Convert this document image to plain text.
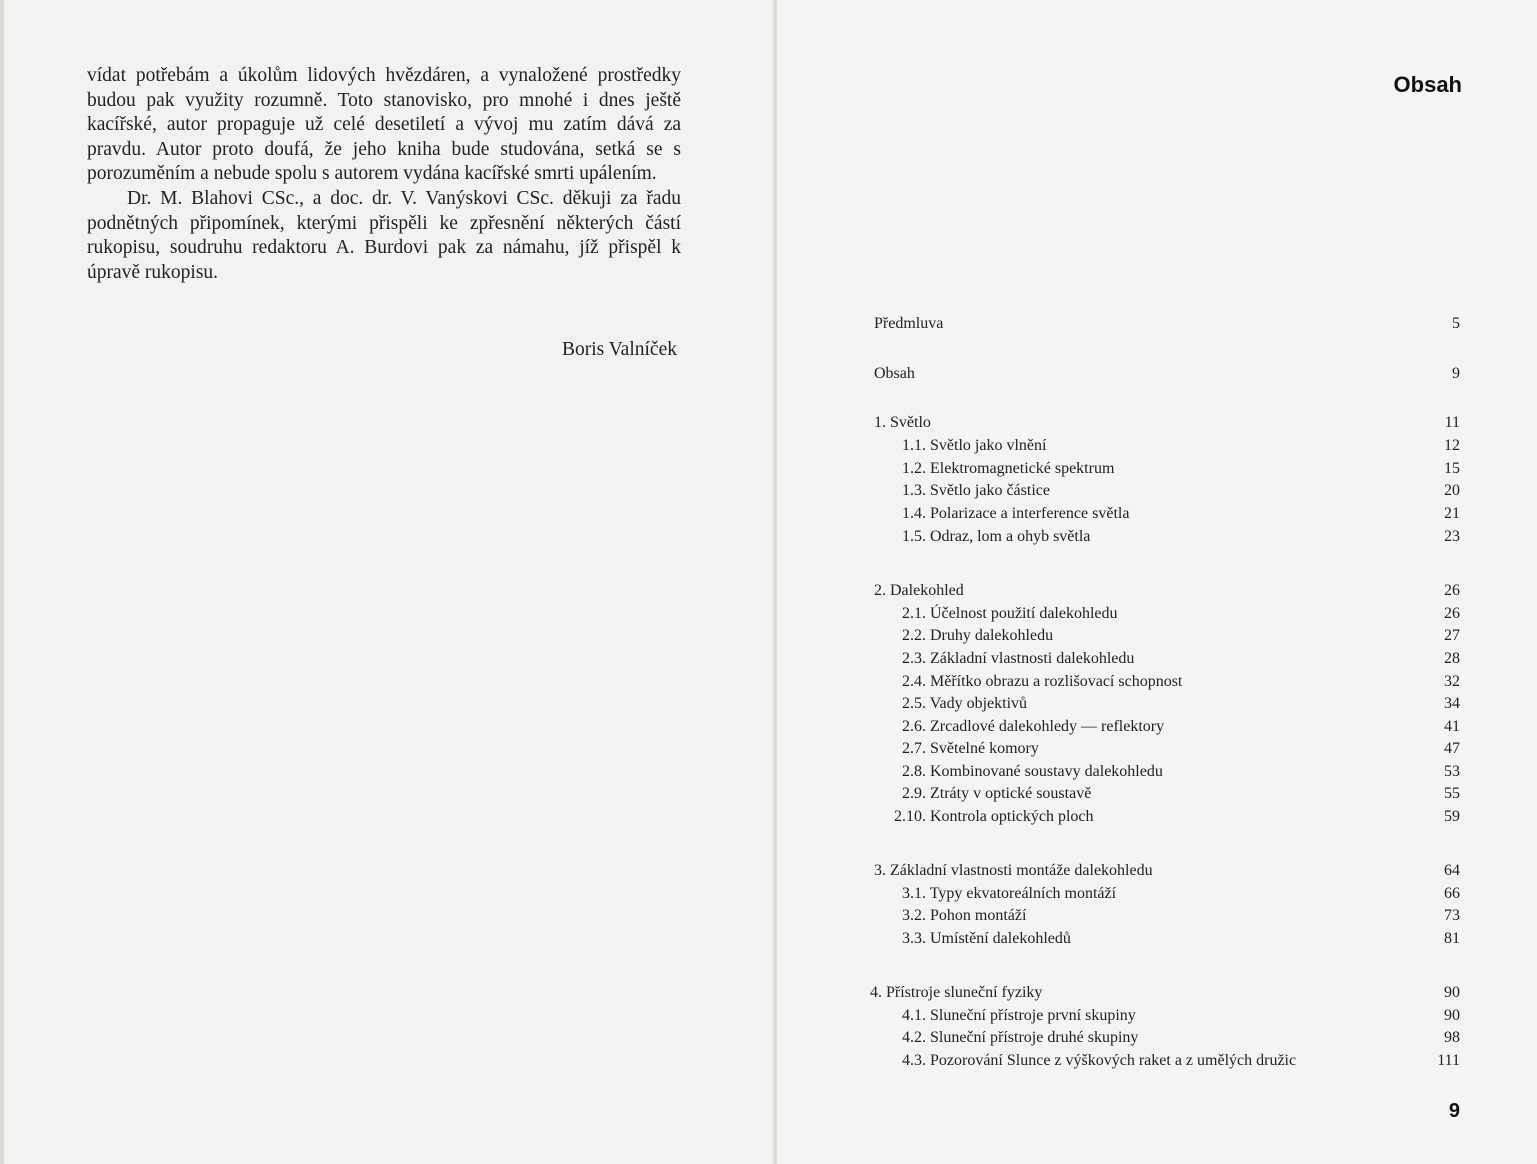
vídat potřebám a úkolům lidových hvězdáren, a vynaložené prostředky budou pak využity rozumně. Toto stanovisko, pro mnohé i dnes ještě kacířské, autor propaguje už celé desetiletí a vývoj mu zatím dává za pravdu. Autor proto doufá, že jeho kniha bude studována, setká se s porozuměním a nebude spolu s autorem vydána kacířské smrti upálením.

Dr. M. Blahovi CSc., a doc. dr. V. Vanýskovi CSc. děkuji za řadu podnětných připomínek, kterými přispěli ke zpřesnění některých částí rukopisu, soudruhu redaktoru A. Burdovi pak za námahu, jíž přispěl k úpravě rukopisu.

Boris Valníček
Obsah
Předmluva	5
Obsah	9
1. Světlo	11
1.1. Světlo jako vlnění	12
1.2. Elektromagnetické spektrum	15
1.3. Světlo jako částice	20
1.4. Polarizace a interference světla	21
1.5. Odraz, lom a ohyb světla	23
2. Dalekohled	26
2.1. Účelnost použití dalekohledu	26
2.2. Druhy dalekohledu	27
2.3. Základní vlastnosti dalekohledu	28
2.4. Měřítko obrazu a rozlišovací schopnost	32
2.5. Vady objektivů	34
2.6. Zrcadlové dalekohledy — reflektory	41
2.7. Světelné komory	47
2.8. Kombinované soustavy dalekohledu	53
2.9. Ztráty v optické soustavě	55
2.10. Kontrola optických ploch	59
3. Základní vlastnosti montáže dalekohledu	64
3.1. Typy ekvatoreálních montáží	66
3.2. Pohon montáží	73
3.3. Umístění dalekohledů	81
4. Přístroje sluneční fyziky	90
4.1. Sluneční přístroje první skupiny	90
4.2. Sluneční přístroje druhé skupiny	98
4.3. Pozorování Slunce z výškových raket a z umělých družic	111
9
